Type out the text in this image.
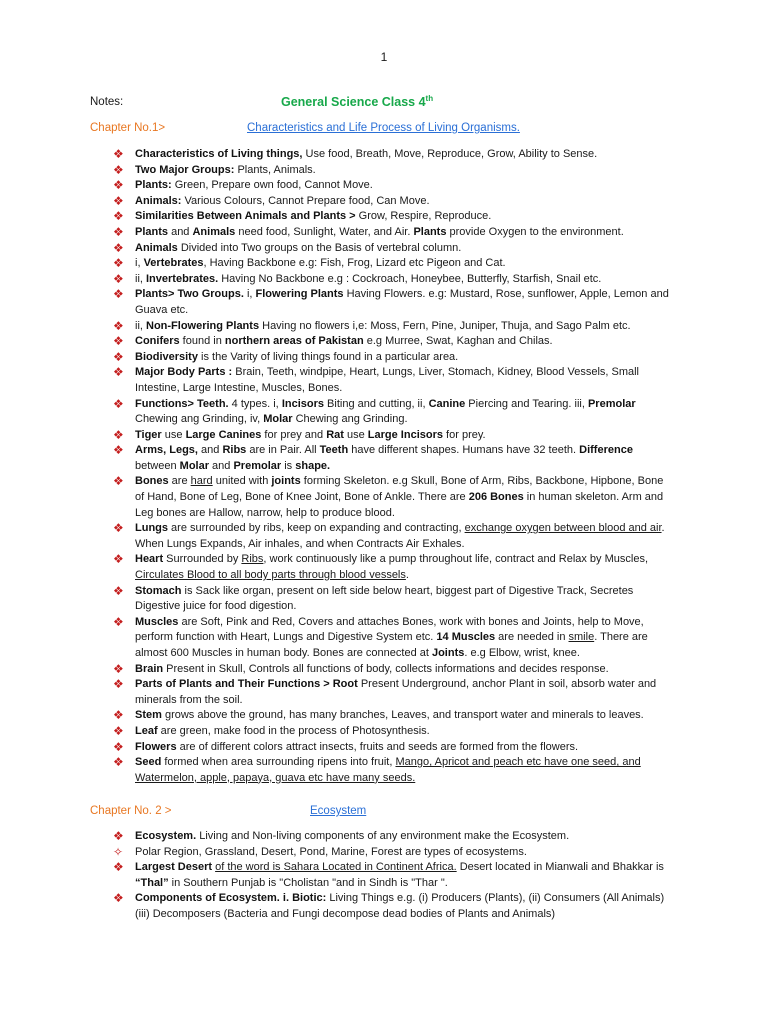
1
Notes:	General Science Class 4th
Chapter No.1>	Characteristics and Life Process of Living Organisms.
❖ Characteristics of Living things, Use food, Breath, Move, Reproduce, Grow, Ability to Sense.
❖ Two Major Groups: Plants, Animals.
❖ Plants: Green, Prepare own food, Cannot Move.
❖ Animals: Various Colours, Cannot Prepare food, Can Move.
❖ Similarities Between Animals and Plants > Grow, Respire, Reproduce.
❖ Plants and Animals need food, Sunlight, Water, and Air. Plants provide Oxygen to the environment.
❖ Animals Divided into Two groups on the Basis of vertebral column.
❖ i, Vertebrates, Having Backbone e.g: Fish, Frog, Lizard etc Pigeon and Cat.
❖ ii, Invertebrates. Having No Backbone e.g : Cockroach, Honeybee, Butterfly, Starfish, Snail etc.
❖ Plants> Two Groups. i, Flowering Plants Having Flowers. e.g: Mustard, Rose, sunflower, Apple, Lemon and Guava etc.
❖ ii, Non-Flowering Plants Having no flowers i,e: Moss, Fern, Pine, Juniper, Thuja, and Sago Palm etc.
❖ Conifers found in northern areas of Pakistan e.g Murree, Swat, Kaghan and Chilas.
❖ Biodiversity is the Varity of living things found in a particular area.
❖ Major Body Parts : Brain, Teeth, windpipe, Heart, Lungs, Liver, Stomach, Kidney, Blood Vessels, Small Intestine, Large Intestine, Muscles, Bones.
❖ Functions> Teeth. 4 types. i, Incisors Biting and cutting, ii, Canine Piercing and Tearing. iii, Premolar Chewing ang Grinding, iv, Molar Chewing ang Grinding.
❖ Tiger use Large Canines for prey and Rat use Large Incisors for prey.
❖ Arms, Legs, and Ribs are in Pair. All Teeth have different shapes. Humans have 32 teeth. Difference between Molar and Premolar is shape.
❖ Bones are hard united with joints forming Skeleton. e.g Skull, Bone of Arm, Ribs, Backbone, Hipbone, Bone of Hand, Bone of Leg, Bone of Knee Joint, Bone of Ankle. There are 206 Bones in human skeleton. Arm and Leg bones are Hallow, narrow, help to produce blood.
❖ Lungs are surrounded by ribs, keep on expanding and contracting, exchange oxygen between blood and air. When Lungs Expands, Air inhales, and when Contracts Air Exhales.
❖ Heart Surrounded by Ribs, work continuously like a pump throughout life, contract and Relax by Muscles, Circulates Blood to all body parts through blood vessels.
❖ Stomach is Sack like organ, present on left side below heart, biggest part of Digestive Track, Secretes Digestive juice for food digestion.
❖ Muscles are Soft, Pink and Red, Covers and attaches Bones, work with bones and Joints, help to Move, perform function with Heart, Lungs and Digestive System etc. 14 Muscles are needed in smile. There are almost 600 Muscles in human body. Bones are connected at Joints. e.g Elbow, wrist, knee.
❖ Brain Present in Skull, Controls all functions of body, collects informations and decides response.
❖ Parts of Plants and Their Functions > Root Present Underground, anchor Plant in soil, absorb water and minerals from the soil.
❖ Stem grows above the ground, has many branches, Leaves, and transport water and minerals to leaves.
❖ Leaf are green, make food in the process of Photosynthesis.
❖ Flowers are of different colors attract insects, fruits and seeds are formed from the flowers.
❖ Seed formed when area surrounding ripens into fruit, Mango, Apricot and peach etc have one seed, and Watermelon, apple, papaya, guava etc have many seeds.
Chapter No. 2 >	Ecosystem
❖ Ecosystem. Living and Non-living components of any environment make the Ecosystem.
✧ Polar Region, Grassland, Desert, Pond, Marine, Forest are types of ecosystems.
❖ Largest Desert of the word is Sahara Located in Continent Africa. Desert located in Mianwali and Bhakkar is “Thal” in Southern Punjab is "Cholistan "and in Sindh is "Thar ".
❖ Components of Ecosystem. i. Biotic: Living Things e.g. (i) Producers (Plants), (ii) Consumers (All Animals) (iii) Decomposers (Bacteria and Fungi decompose dead bodies of Plants and Animals)
